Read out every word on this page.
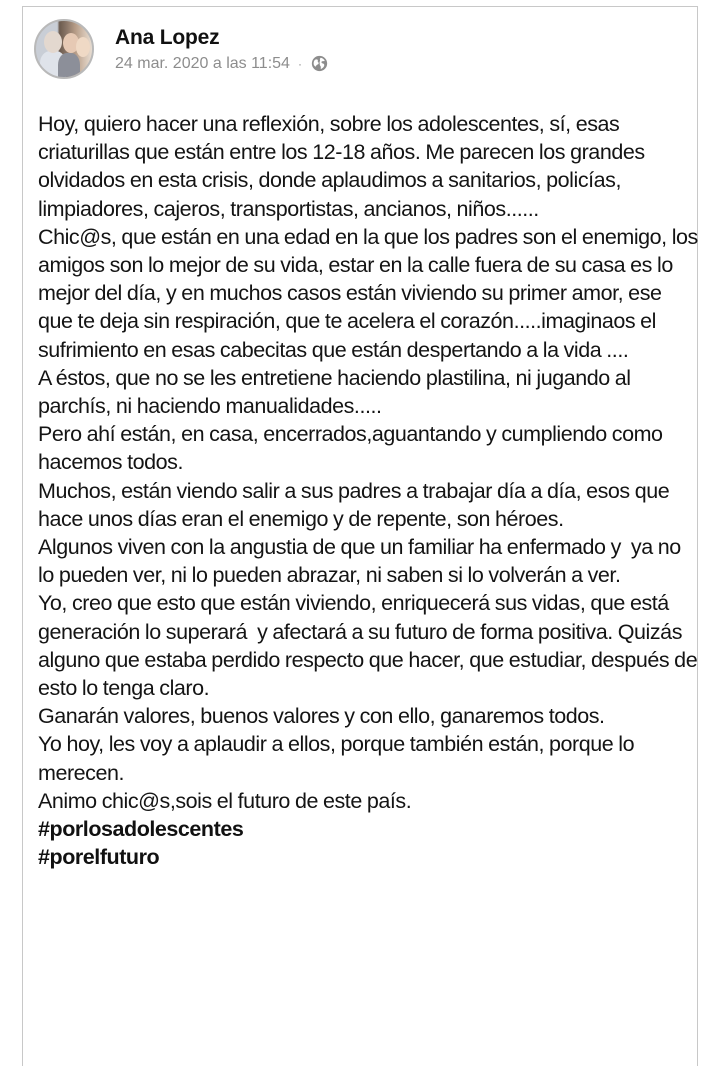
Ana Lopez
24 mar. 2020 a las 11:54 ·

Hoy, quiero hacer una reflexión, sobre los adolescentes, sí, esas criaturillas que están entre los 12-18 años. Me parecen los grandes olvidados en esta crisis, donde aplaudimos a sanitarios, policías, limpiadores, cajeros, transportistas, ancianos, niños......

Chic@s, que están en una edad en la que los padres son el enemigo, los amigos son lo mejor de su vida, estar en la calle fuera de su casa es lo mejor del día, y en muchos casos están viviendo su primer amor, ese que te deja sin respiración, que te acelera el corazón.....imaginaos el sufrimiento en esas cabecitas que están despertando a la vida ....

A éstos, que no se les entretiene haciendo plastilina, ni jugando al parchís, ni haciendo manualidades.....

Pero ahí están, en casa, encerrados,aguantando y cumpliendo como hacemos todos.

Muchos, están viendo salir a sus padres a trabajar día a día, esos que hace unos días eran el enemigo y de repente, son héroes.

Algunos viven con la angustia de que un familiar ha enfermado y  ya no lo pueden ver, ni lo pueden abrazar, ni saben si lo volverán a ver.

Yo, creo que esto que están viviendo, enriquecerá sus vidas, que está generación lo superará  y afectará a su futuro de forma positiva. Quizás alguno que estaba perdido respecto que hacer, que estudiar, después de esto lo tenga claro.

Ganarán valores, buenos valores y con ello, ganaremos todos.

Yo hoy, les voy a aplaudir a ellos, porque también están, porque lo merecen.

Animo chic@s,sois el futuro de este país.

#porlosadolescentes
#porelfuturo
